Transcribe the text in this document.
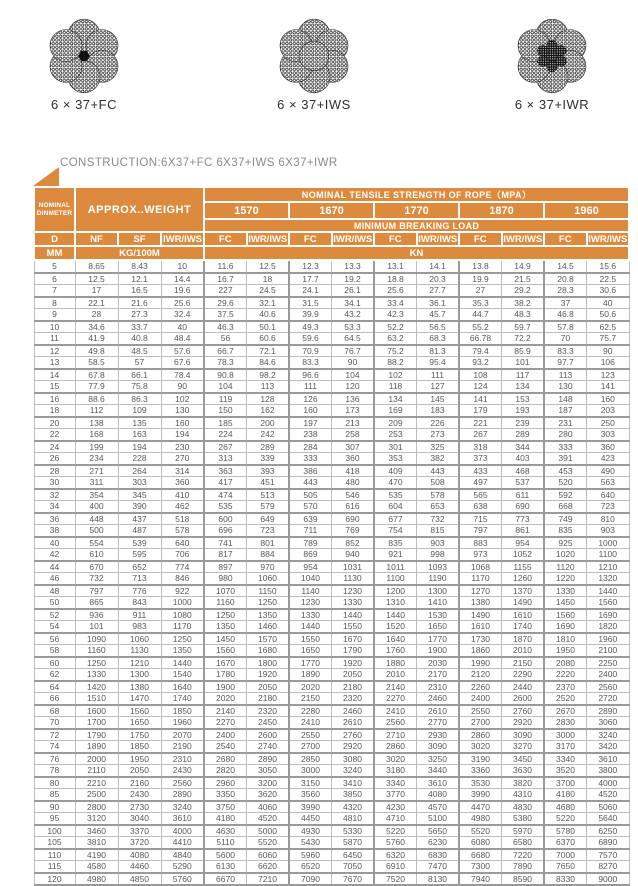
6 × 37+FC	6 × 37+IWS	6 × 37+IWR
CONSTRUCTION:6X37+FC 6X37+IWS 6X37+IWR
NOMINAL
DINMETER	APPROX..WEIGHT			NOMINAL TENSILE STRENGTH OF ROPE（MPA）									
				1570		1670		1770		1870		1960	
				MINIMUM BREAKING LOAD									
D	NF	SF	IWR/IWS	FC	IWR/IWS	FC	IWR/IWS	FC	IWR/IWS	FC	IWR/IWS	FC	IWR/IWS
MM	KG/100M			KN									
5	8.65	8.43	10	11.6	12.5	12.3	13.3	13.1	14.1	13.8	14.9	14.5	15.6
6	12.5	12.1	14.4	16.7	18	17.7	19.2	18.8	20.3	19.9	21.5	20.8	22.5
7	17	16.5	19.6	227	24.5	24.1	26.1	25.6	27.7	27	29.2	28.3	30.6
8	22.1	21.6	25.6	29.6	32.1	31.5	34.1	33.4	36.1	35.3	38.2	37	40
9	28	27.3	32.4	37.5	40.6	39.9	43.2	42.3	45.7	44.7	48.3	46.8	50.6
10	34.6	33.7	40	46.3	50.1	49.3	53.3	52.2	56.5	55.2	59.7	57.8	62.5
11	41.9	40.8	48.4	56	60.6	59.6	64.5	63.2	68.3	66.78	72.2	70	75.7
12	49.8	48.5	57.6	66.7	72.1	70.9	76.7	75.2	81.3	79.4	85.9	83.3	90
13	58.5	57	67.6	78.3	84.6	83.3	90	88.2	95.4	93.2	101	97.7	106
14	67.8	66.1	78.4	90.8	98.2	96.6	104	102	111	108	117	113	123
15	77.9	75.8	90	104	113	111	120	118	127	124	134	130	141
16	88.6	86.3	102	119	128	126	136	134	145	141	153	148	160
18	112	109	130	150	162	160	173	169	183	179	193	187	203
20	138	135	160	185	200	197	213	209	226	221	239	231	250
22	168	163	194	224	242	238	258	253	273	267	289	280	303
24	199	194	230	267	289	284	307	301	325	318	344	333	360
26	234	228	270	313	339	333	360	353	382	373	403	391	423
28	271	264	314	363	393	386	418	409	443	433	468	453	490
30	311	303	360	417	451	443	480	470	508	497	537	520	563
32	354	345	410	474	513	505	546	535	578	565	611	592	640
34	400	390	462	535	579	570	616	604	653	638	690	668	723
36	448	437	518	600	649	639	690	677	732	715	773	749	810
38	500	487	578	696	723	711	769	754	815	797	861	835	903
40	554	539	640	741	801	789	852	835	903	883	954	925	1000
42	610	595	706	817	884	869	940	921	998	973	1052	1020	1100
44	670	652	774	897	970	954	1031	1011	1093	1068	1155	1120	1210
46	732	713	846	980	1060	1040	1130	1100	1190	1170	1260	1220	1320
48	797	776	922	1070	1150	1140	1230	1200	1300	1270	1370	1330	1440
50	865	843	1000	1160	1250	1230	1330	1310	1410	1380	1490	1450	1560
52	936	911	1080	1250	1350	1330	1440	1440	1530	1490	1610	1560	1690
54	101	983	1170	1350	1460	1440	1550	1520	1650	1610	1740	1690	1820
56	1090	1060	1250	1450	1570	1550	1670	1640	1770	1730	1870	1810	1960
58	1160	1130	1350	1560	1680	1650	1790	1760	1900	1860	2010	1950	2100
60	1250	1210	1440	1670	1800	1770	1920	1880	2030	1990	2150	2080	2250
62	1330	1300	1540	1780	1920	1890	2050	2010	2170	2120	2290	2220	2400
64	1420	1380	1640	1900	2050	2020	2180	2140	2310	2260	2440	2370	2560
66	1510	1470	1740	2020	2180	2150	2320	2270	2460	2400	2600	2520	2720
68	1600	1560	1850	2140	2320	2280	2460	2410	2610	2550	2760	2670	2890
70	1700	1650	1960	2270	2450	2410	2610	2560	2770	2700	2920	2830	3060
72	1790	1750	2070	2400	2600	2550	2760	2710	2930	2860	3090	3000	3240
74	1890	1850	2190	2540	2740	2700	2920	2860	3090	3020	3270	3170	3420
76	2000	1950	2310	2680	2890	2850	3080	3020	3250	3190	3450	3340	3610
78	2110	2050	2430	2820	3050	3000	3240	3180	3440	3360	3630	3520	3800
80	2210	2160	2560	2960	3200	3150	3410	3340	3610	3530	3820	3700	4000
85	2500	2430	2890	3350	3620	3560	3850	3770	4080	3990	4310	4180	4520
90	2800	2730	3240	3750	4060	3990	4320	4230	4570	4470	4830	4680	5060
95	3120	3040	3610	4180	4520	4450	4810	4710	5100	4980	5380	5220	5640
100	3460	3370	4000	4630	5000	4930	5330	5220	5650	5520	5970	5780	6250
105	3810	3720	4410	5110	5520	5430	5870	5760	6230	6080	6580	6370	6890
110	4190	4080	4840	5600	6060	5960	6450	6320	6830	6680	7220	7000	7570
115	4580	4460	5290	6130	6620	6520	7050	6910	7470	7300	7890	7650	8270
120	4980	4850	5760	6670	7210	7090	7670	7520	8130	7940	8590	8330	9000
